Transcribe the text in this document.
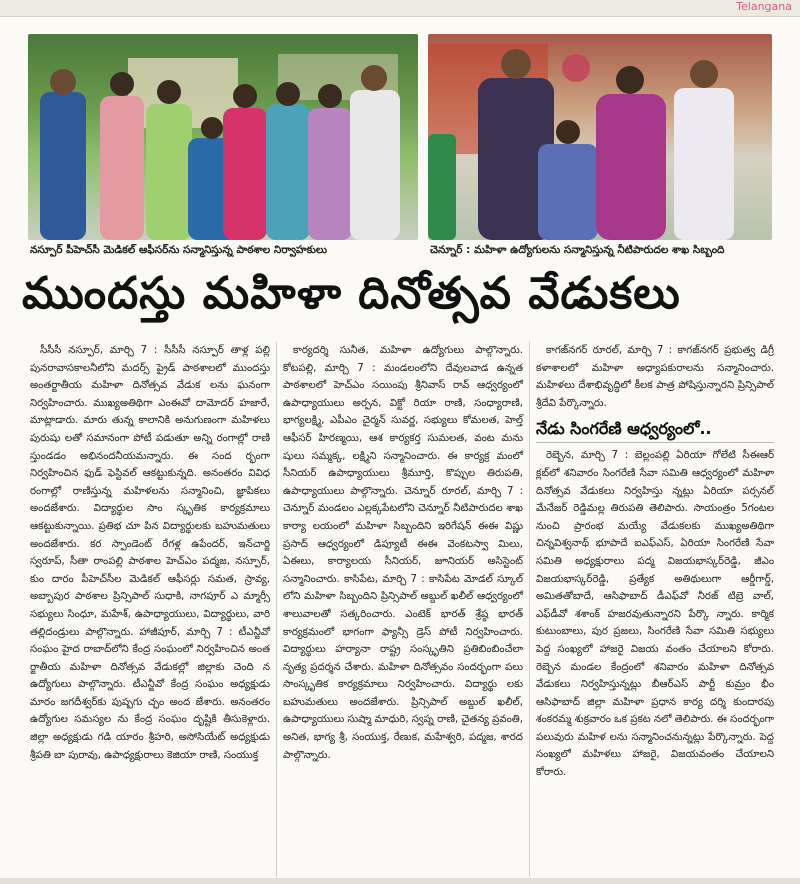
Telangana
నస్పూర్ పీహెచ్‌సీ మెడికల్ ఆఫీసర్‌ను సన్మానిస్తున్న పాఠశాల నిర్వాహకులు	చెన్నూర్ : మహిళా ఉద్యోగులను సన్మానిస్తున్న నీటిపారుదల శాఖ సిబ్బంది
ముందస్తు మహిళా దినోత్సవ వేడుకలు

సీసీసీ నస్పూర్, మార్చి 7 : సీసీసీ నస్పూర్ తాళ్ల పల్లి పునరావాసకాలనీలోని మదర్స్ ప్రైడ్ పాఠశాలలో ముందస్తు అంతర్జాతీయ మహిళా దినోత్సవ వేడుక లను ఘనంగా నిర్వహించారు. ముఖ్యఅతిథిగా ఎంఈవో దామోదర్ హజారే, మాట్లాడారు. మారు తున్న కాలానికి అనుగుణంగా మహిళలు పురుషు లతో సమానంగా పోటీ పడుతూ అన్ని రంగాల్లో రాణి స్తుండడం అభినందనీయమన్నారు. ఈ సంద ర్భంగా నిర్వహించిన ఫుడ్ ఫెస్టివల్ ఆకట్టుకున్నది. అనంతరం వివిధ రంగాల్లో రాణిస్తున్న మహిళలను సన్మానించి, జ్ఞాపికలు అందజేశారు. విద్యార్థుల సాం స్కృతిక కార్యక్రమాలు ఆకట్టుకున్నాయి. ప్రతిభ చూ పిన విద్యార్థులకు బహుమతులు అందజేశారు. కర స్పాండెంట్ రేగళ్ల ఉపేందర్, ఇన్‌చార్జి స్వరూప్, సీతా రాంపల్లి పాఠశాల హెచ్ఎం పద్మజ, నస్పూర్, కుం దారం పీహెచ్‌సీల మెడికల్ ఆఫీసర్లు సమత, స్రావ్య, అబ్బాపుర పాఠశాల ప్రిన్సిపాల్ సుధాకి, నాగపూర్ ఎ మ్మార్సీ సభ్యులు సింధూ, మహేశ్, ఉపాధ్యాయులు, విద్యార్థులు, వారి తల్లిదండ్రులు పాల్గొన్నారు. హాజీపూర్, మార్చి 7 : టీఎన్జీవో సంఘం హైద రాబాద్‌లోని కేంద్ర సంఘంలో నిర్వహించిన అంత ర్జాతీయ మహిళా దినోత్సవ వేడుకల్లో జిల్లాకు చెంది న ఉద్యోగులు పాల్గొన్నారు. టీఎన్జీవో కేంద్ర సంఘం అధ్యక్షుడు మారం జగదీశ్వర్‌కు పుష్పగు చ్ఛం అంద జేశారు. అనంతరం ఉద్యోగుల సమస్యల ను కేంద్ర సంఘం దృష్టికి తీసుకెళ్లారు. జిల్లా అధ్యక్షుడు గడి యారం శ్రీహరి, అసోసియేట్ అధ్యక్షుడు శ్రీపతి బా పురావు, ఉపాధ్యక్షురాలు కెజియా రాణి, సంయుక్త

కార్యదర్శి సునీత, మహిళా ఉద్యోగులు పాల్గొన్నారు. కోటపల్లి, మార్చి 7 : మండలంలోని దేవులవాడ ఉన్నత పాఠశాలలో హెచ్ఎం సయింపు శ్రీనివాస్ రావ్ ఆధ్వర్యంలో ఉపాధ్యాయులు అర్పన, విక్టో రియా రాణి, సంధ్యారాణి, భాగ్యలక్ష్మి, ఎపీఎం చైర్మన్ సువర్ణ, సభ్యులు కోమలత, హెల్త్ ఆఫీసర్ హిరణ్మయి, ఆశ కార్యకర్త సుమలత, వంట మను షులు సమ్మక్క, లక్ష్మిని సన్మానించారు. ఈ కార్యక్ర మంలో సీనియర్ ఉపాధ్యాయులు శ్రీమూర్తి, కొప్పుల తిరుపతి, ఉపాధ్యాయులు పాల్గొన్నారు. చెన్నూర్ రూరల్, మార్చి 7 : చెన్నూర్ మండలం ఎల్లక్కపేటలోని చెన్నూర్ నీటిపారుదల శాఖ కార్యా లయంలో మహిళా సిబ్బందిని ఇరిగేషన్ ఈఈ విష్ణు ప్రసాద్ ఆధ్వర్యంలో డిప్యూటీ ఈఈ వెంకటస్వా మిలు, ఏఈలు, కార్యాలయ సీనియర్, జూనియర్ అసిస్టెంట్ సన్మానించారు. కాసిపేట, మార్చి 7 : కాసిపేట మోడల్ స్కూల్ లోని మహిళా సిబ్బందిని ప్రిన్సిపాల్ అబ్దుల్ ఖలీల్ ఆధ్వర్యంలో శాలువాలతో సత్కరించారు. ఎంటెక్ భారత్ శ్రేష్ఠ భారత్ కార్యక్రమంలో భాగంగా ఫ్యాన్సీ డ్రెస్ పోటీ నిర్వహించారు. విద్యార్థులు హర్యానా రాష్ట్ర సంస్కృతిని ప్రతిబింబించేలా నృత్య ప్రదర్శన చేశారు. మహిళా దినోత్సవం సందర్భంగా పలు సాంస్కృతిక కార్యక్రమాలు నిర్వహించారు. విద్యార్థు లకు బహుమతులు అందజేశారు. ప్రిన్సిపాల్ అబ్దుల్ ఖలీల్, ఉపాధ్యాయులు సుష్మా మాధురి, స్వప్న రాణి, చైతన్య ప్రవంతి, అనిత, భాగ్య శ్రీ, సంయుక్త, రేణుక, మహేశ్వరి, పద్మజ, శారద పాల్గొన్నారు.

కాగజ్‌నగర్ రూరల్, మార్చి 7 : కాగజ్‌నగర్ ప్రభుత్వ డిగ్రీ కళాశాలలో మహిళా అధ్యాపకురాలను సన్మానించారు. మహిళలు దేశాభివృద్ధిలో కీలక పాత్ర పోషిస్తున్నారని ప్రిన్సిపాల్ శ్రీదేవి పేర్కొన్నారు.

నేడు సింగరేణి ఆధ్వర్యంలో..

రెబ్బెన, మార్చి 7 : బెల్లంపల్లి ఏరియా గోలేటి సీఈఆర్ క్లబ్‌లో శనివారం సింగరేణి సేవా సమితి ఆధ్వర్యంలో మహిళా దినోత్సవ వేడుకలు నిర్వహిస్తు న్నట్లు ఏరియా పర్సనల్ మేనేజర్ రెడ్డిమల్ల తిరుపతి తెలిపారు. సాయంత్రం 5గంటల నుంచి ప్రారంభ మయ్యే వేడుకలకు ముఖ్యఅతిథిగా చిన్నవిశ్వనాథ్ భూపాదే ఐఎఫ్ఎస్, ఏరియా సింగరేణి సేవా సమితి అధ్యక్షురాలు పద్మ విజయభాస్కర్‌రెడ్డి, జీఎం విజయభాస్కర్‌రెడ్డి, ప్రత్యేక అతిథులుగా ఆర్డీగార్డ్, అమితతోబాదే, ఆసిఫాబాద్ డీఎఫ్‌వో నీరజ్ టిబ్రె వాల్, ఎఫ్‌డీవో శశాంక్ హజరవుతున్నారని పేర్కొ న్నారు. కార్మిక కుటుంబాలు, పుర ప్రజలు, సింగరేణి సేవా సమితి సభ్యులు పెద్ద సంఖ్యలో హాజరై విజయ వంతం చేయాలని కోరారు. రెబ్బెన మండల కేంద్రంలో శనివారం మహిళా దినోత్సవ వేడుకలు నిర్వహిస్తున్నట్లు బీఆర్ఎస్ పార్టీ కుమ్రం భీం ఆసిఫాబాద్ జిల్లా మహిళా ప్రధాన కార్య దర్శి కుందారపు శంకరమ్మ శుక్రవారం ఒక ప్రకట నలో తెలిపారు. ఈ సందర్భంగా పలువురు మహిళ లను సన్మానించనున్నట్లు పేర్కొన్నారు. పెద్ద సంఖ్యలో మహిళలు హాజరై, విజయవంతం చేయాలని కోరారు.
